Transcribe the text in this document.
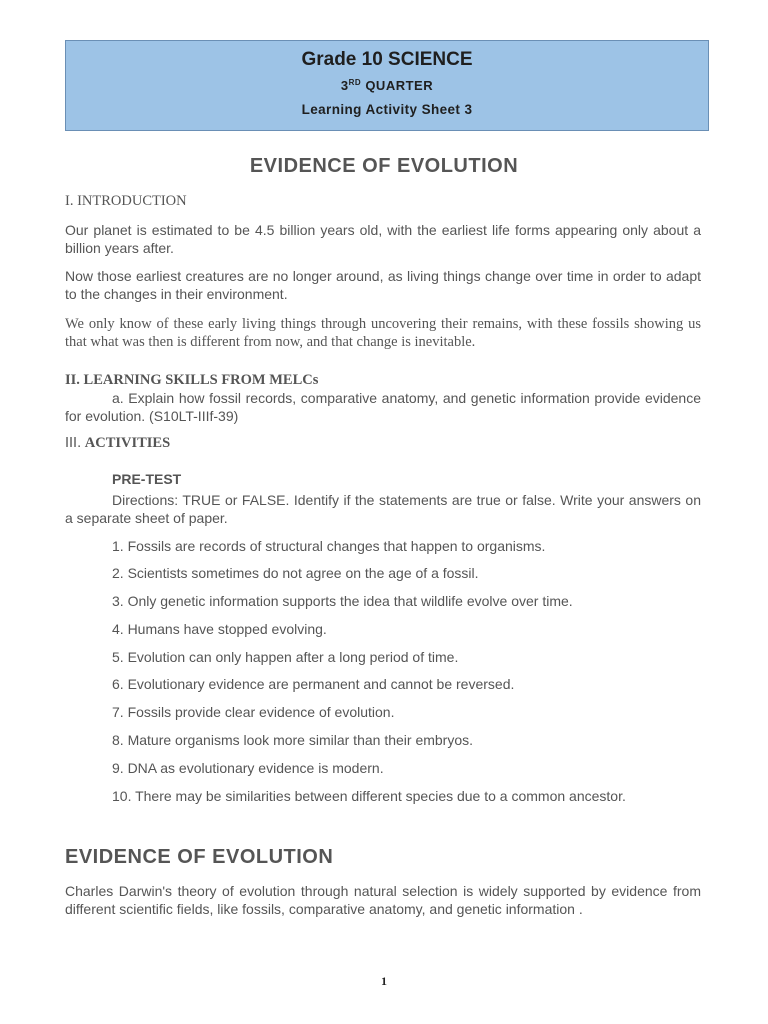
Grade 10 SCIENCE
3RD QUARTER
Learning Activity Sheet 3
EVIDENCE OF EVOLUTION
I. INTRODUCTION
Our planet is estimated to be 4.5 billion years old, with the earliest life forms appearing only about a billion years after.
Now those earliest creatures are no longer around, as living things change over time in order to adapt to the changes in their environment.
We only know of these early living things through uncovering their remains, with these fossils showing us that what was then is different from now, and that change is inevitable.
II. LEARNING SKILLS FROM MELCs
a. Explain how fossil records, comparative anatomy, and genetic information provide evidence for evolution. (S10LT-IIIf-39)
III. ACTIVITIES
PRE-TEST
Directions: TRUE or FALSE. Identify if the statements are true or false. Write your answers on a separate sheet of paper.
1. Fossils are records of structural changes that happen to organisms.
2. Scientists sometimes do not agree on the age of a fossil.
3. Only genetic information supports the idea that wildlife evolve over time.
4. Humans have stopped evolving.
5. Evolution can only happen after a long period of time.
6. Evolutionary evidence are permanent and cannot be reversed.
7. Fossils provide clear evidence of evolution.
8. Mature organisms look more similar than their embryos.
9. DNA as evolutionary evidence is modern.
10. There may be similarities between different species due to a common ancestor.
EVIDENCE OF EVOLUTION
Charles Darwin's theory of evolution through natural selection is widely supported by evidence from different scientific fields, like fossils, comparative anatomy, and genetic information .
1
